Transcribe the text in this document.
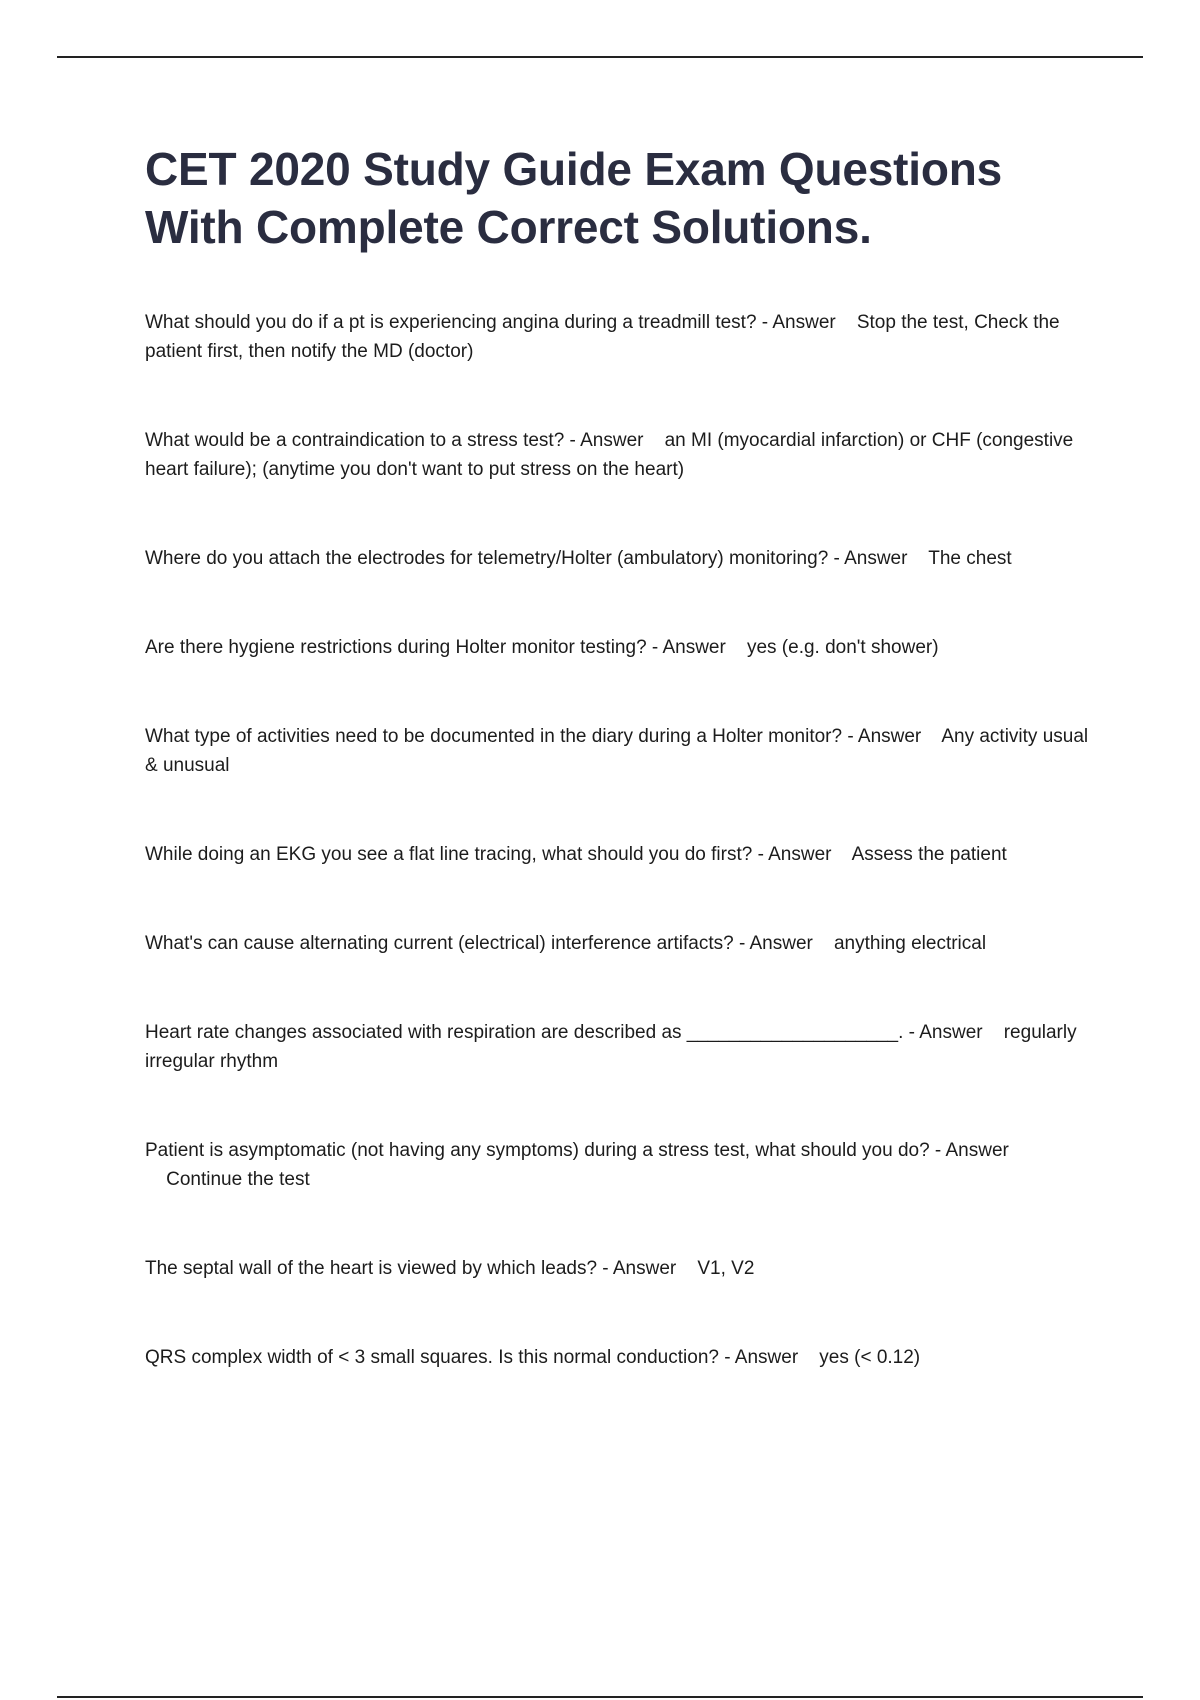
CET 2020 Study Guide Exam Questions
With Complete Correct Solutions.

What should you do if a pt is experiencing angina during a treadmill test? - Answer Stop the test, Check the patient first, then notify the MD (doctor)

What would be a contraindication to a stress test? - Answer an MI (myocardial infarction) or CHF (congestive heart failure); (anytime you don't want to put stress on the heart)

Where do you attach the electrodes for telemetry/Holter (ambulatory) monitoring? - Answer The chest

Are there hygiene restrictions during Holter monitor testing? - Answer yes (e.g. don't shower)

What type of activities need to be documented in the diary during a Holter monitor? - Answer Any activity usual & unusual

While doing an EKG you see a flat line tracing, what should you do first? - Answer Assess the patient

What's can cause alternating current (electrical) interference artifacts? - Answer anything electrical

Heart rate changes associated with respiration are described as ____________________. - Answer regularly irregular rhythm

Patient is asymptomatic (not having any symptoms) during a stress test, what should you do? - Answer    Continue the test

The septal wall of the heart is viewed by which leads? - Answer V1, V2

QRS complex width of < 3 small squares. Is this normal conduction? - Answer yes (< 0.12)
